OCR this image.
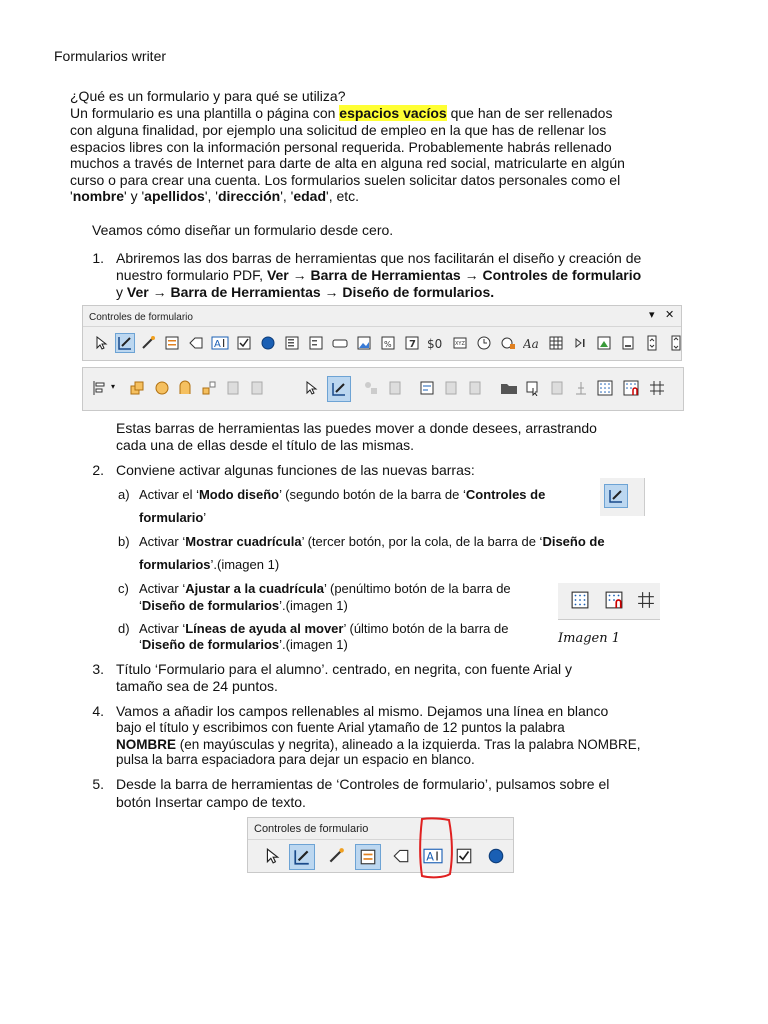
Formularios writer
¿Qué es un formulario y para qué se utiliza?
Un formulario es una plantilla o página con espacios vacíos que han de ser rellenados
con alguna finalidad, por ejemplo una solicitud de empleo en la que has de rellenar los
espacios libres con la información personal requerida. Probablemente habrás rellenado
muchos a través de Internet para darte de alta en alguna red social, matricularte en algún
curso o para crear una cuenta. Los formularios suelen solicitar datos personales como el
'nombre' y 'apellidos', 'dirección', 'edad', etc.
Veamos cómo diseñar un formulario desde cero.
1. Abriremos las dos barras de herramientas que nos facilitarán el diseño y creación de
nuestro formulario PDF, Ver → Barra de Herramientas → Controles de formulario
y Ver → Barra de Herramientas → Diseño de formularios.
Controles de formulario	▾ ✕
A	% 7 $0	XYZ	Aa
▾
Estas barras de herramientas las puedes mover a donde desees, arrastrando
cada una de ellas desde el título de las mismas.
2. Conviene activar algunas funciones de las nuevas barras:
a) Activar el ‘Modo diseño’ (segundo botón de la barra de ‘Controles de
formulario’
b) Activar ‘Mostrar cuadrícula’ (tercer botón, por la cola, de la barra de ‘Diseño de
formularios’.(imagen 1)
c) Activar ‘Ajustar a la cuadrícula’ (penúltimo botón de la barra de
‘Diseño de formularios’.(imagen 1)
d) Activar ‘Líneas de ayuda al mover’ (último botón de la barra de
‘Diseño de formularios’.(imagen 1)	Imagen 1
3. Título ‘Formulario para el alumno’. centrado, en negrita, con fuente Arial y
tamaño sea de 24 puntos.
4. Vamos a añadir los campos rellenables al mismo. Dejamos una línea en blanco
bajo el título y escribimos con fuente Arial ytamaño de 12 puntos la palabra
NOMBRE (en mayúsculas y negrita), alineado a la izquierda. Tras la palabra NOMBRE,
pulsa la barra espaciadora para dejar un espacio en blanco.
5. Desde la barra de herramientas de ‘Controles de formulario’, pulsamos sobre el
botón Insertar campo de texto.
Controles de formulario
A
